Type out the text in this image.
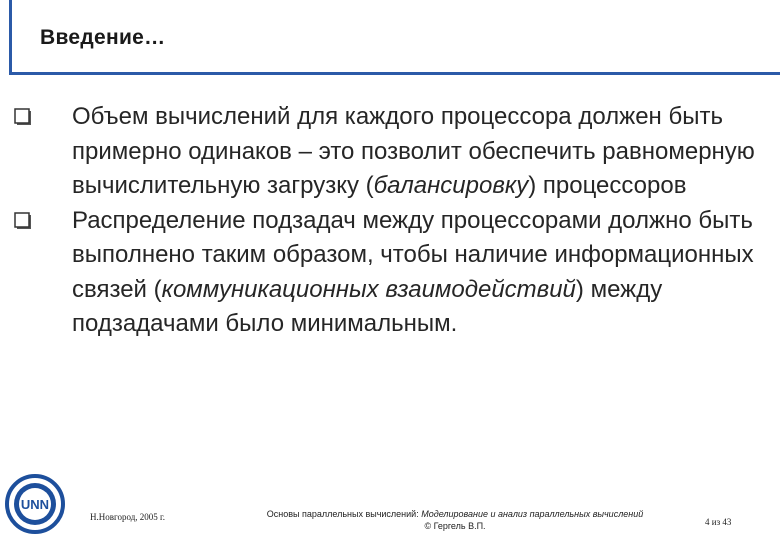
Введение…
Объем вычислений для каждого процессора должен быть примерно одинаков – это позволит обеспечить равномерную вычислительную загрузку (балансировку) процессоров
Распределение подзадач между процессорами должно быть выполнено таким образом, чтобы наличие информационных связей (коммуникационных взаимодействий) между подзадачами было минимальным.
UNN
Н.Новгород, 2005 г.	Основы параллельных вычислений: Моделирование и анализ параллельных вычислений
© Гергель В.П.	4 из 43
